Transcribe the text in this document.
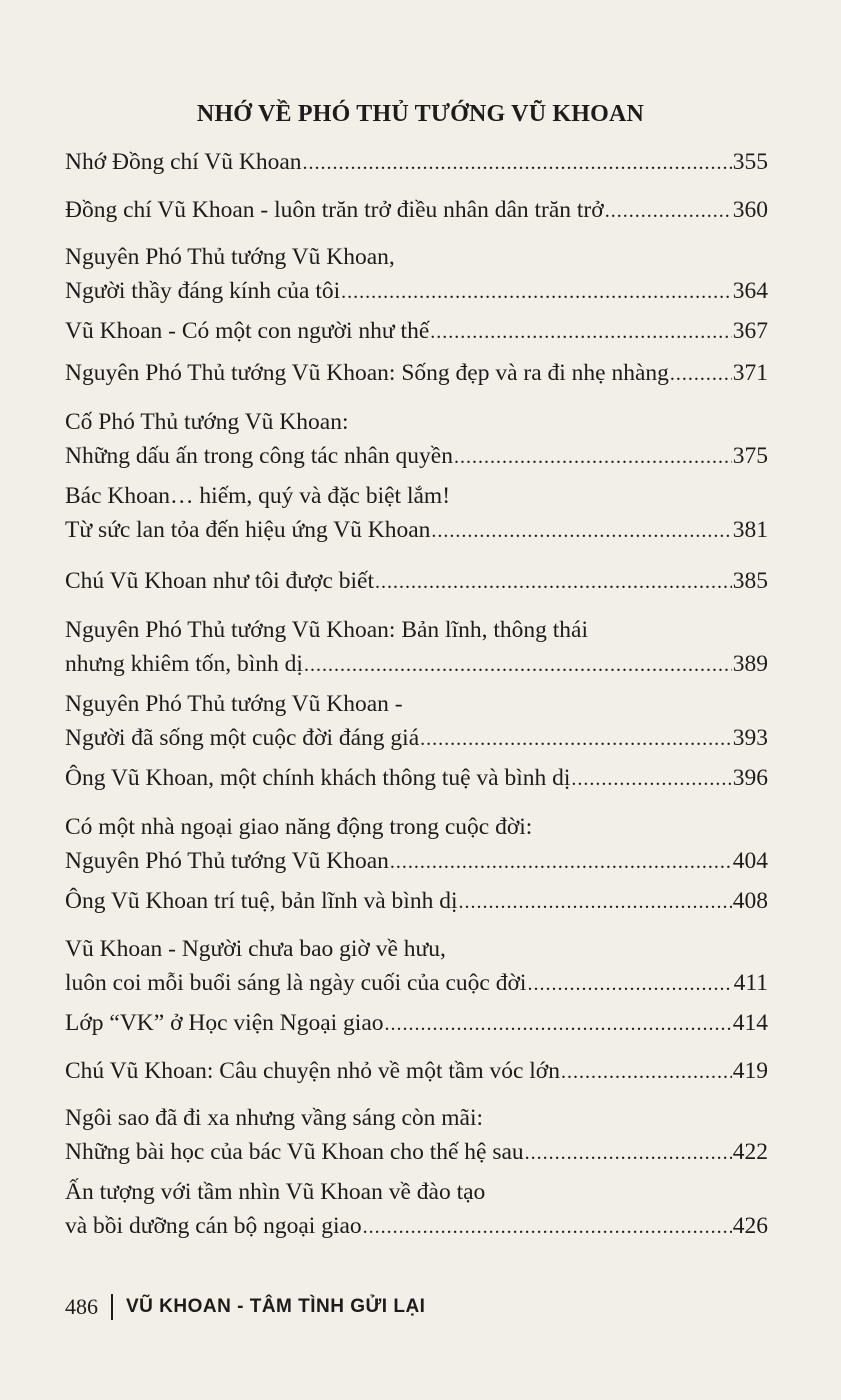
NHỚ VỀ PHÓ THỦ TƯỚNG VŨ KHOAN
Nhớ Đồng chí Vũ Khoan .....	355
Đồng chí Vũ Khoan - luôn trăn trở điều nhân dân trăn trở .....	360
Nguyên Phó Thủ tướng Vũ Khoan,
Người thầy đáng kính của tôi .....	364
Vũ Khoan - Có một con người như thế .....	367
Nguyên Phó Thủ tướng Vũ Khoan: Sống đẹp và ra đi nhẹ nhàng .....	371
Cố Phó Thủ tướng Vũ Khoan:
Những dấu ấn trong công tác nhân quyền .....	375
Bác Khoan… hiếm, quý và đặc biệt lắm!
Từ sức lan tỏa đến hiệu ứng Vũ Khoan .....	381
Chú Vũ Khoan như tôi được biết .....	385
Nguyên Phó Thủ tướng Vũ Khoan: Bản lĩnh, thông thái
nhưng khiêm tốn, bình dị .....	389
Nguyên Phó Thủ tướng Vũ Khoan -
Người đã sống một cuộc đời đáng giá .....	393
Ông Vũ Khoan, một chính khách thông tuệ và bình dị .....	396
Có một nhà ngoại giao năng động trong cuộc đời:
Nguyên Phó Thủ tướng Vũ Khoan .....	404
Ông Vũ Khoan trí tuệ, bản lĩnh và bình dị .....	408
Vũ Khoan - Người chưa bao giờ về hưu,
luôn coi mỗi buổi sáng là ngày cuối của cuộc đời .....	411
Lớp “VK” ở Học viện Ngoại giao .....	414
Chú Vũ Khoan: Câu chuyện nhỏ về một tầm vóc lớn .....	419
Ngôi sao đã đi xa nhưng vầng sáng còn mãi:
Những bài học của bác Vũ Khoan cho thế hệ sau .....	422
Ấn tượng với tầm nhìn Vũ Khoan về đào tạo
và bồi dưỡng cán bộ ngoại giao .....	426
486 VŨ KHOAN - TÂM TÌNH GỬI LẠI
